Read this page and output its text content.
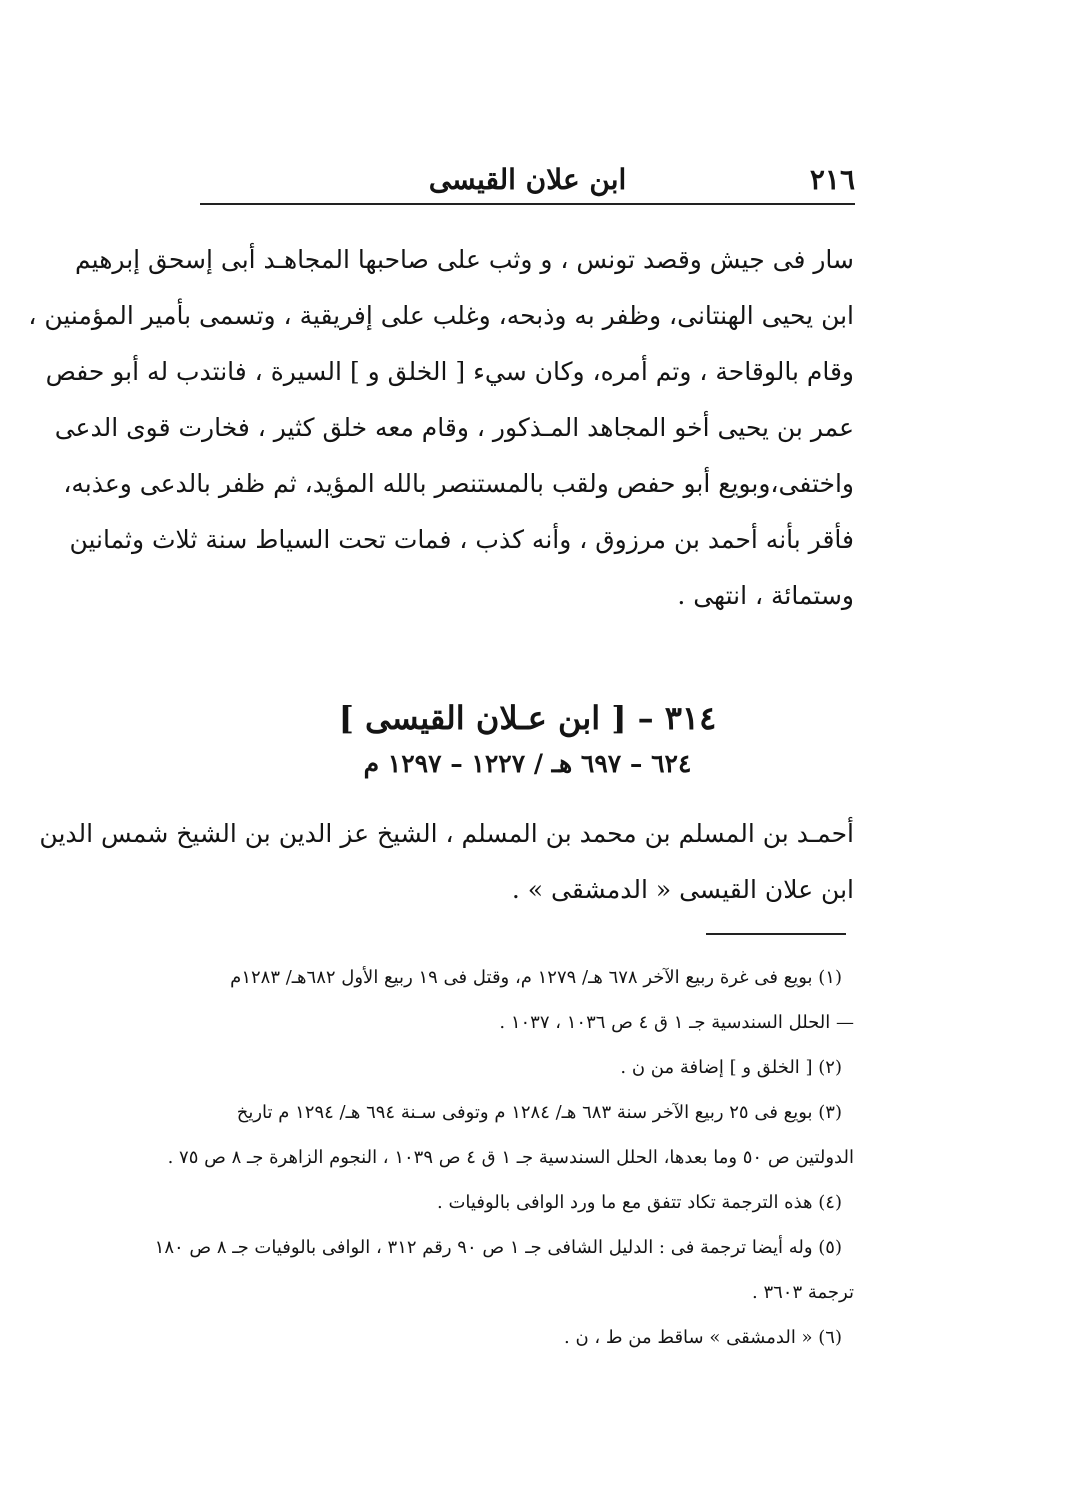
٢١٦
ابن علان القيسى
سار فى جيش وقصد تونس ، و وثب على صاحبها المجاهـد أبى إسحق إبرهيم
ابن يحيى الهنتانى، وظفر به وذبحه، وغلب على إفريقية ، وتسمى بأمير المؤمنين ،
وقام بالوقاحة ، وتم أمره، وكان سيء [ الخلق و ] السيرة ، فانتدب له أبو حفص
عمر بن يحيى أخو المجاهد المـذكور ، وقام معه خلق كثير ، فخارت قوى الدعى
واختفى،وبويع أبو حفص ولقب بالمستنصر بالله المؤيد، ثم ظفر بالدعى وعذبه،
فأقر بأنه أحمد بن مرزوق ، وأنه كذب ، فمات تحت السياط سنة ثلاث وثمانين
وستمائة ، انتهى .
٣١٤ – [ ابن عـلان القيسى ]
٦٢٤ – ٦٩٧ هـ / ١٢٢٧ – ١٢٩٧ م
أحمـد بن المسلم بن محمد بن المسلم ، الشيخ عز الدين بن الشيخ شمس الدين
ابن علان القيسى « الدمشقى » .
(١) بويع فى غرة ربيع الآخر ٦٧٨ هـ/ ١٢٧٩ م، وقتل فى ١٩ ربيع الأول ٦٨٢هـ/ ١٢٨٣م
— الحلل السندسية جـ ١ ق ٤ ص ١٠٣٦ ، ١٠٣٧ .
(٢) [ الخلق و ] إضافة من ن .
(٣) بويع فى ٢٥ ربيع الآخر سنة ٦٨٣ هـ/ ١٢٨٤ م وتوفى سـنة ٦٩٤ هـ/ ١٢٩٤ م تاريخ
الدولتين ص ٥٠ وما بعدها، الحلل السندسية جـ ١ ق ٤ ص ١٠٣٩ ، النجوم الزاهرة جـ ٨ ص ٧٥ .
(٤) هذه الترجمة تكاد تتفق مع ما ورد الوافى بالوفيات .
(٥) وله أيضا ترجمة فى : الدليل الشافى جـ ١ ص ٩٠ رقم ٣١٢ ، الوافى بالوفيات جـ ٨ ص ١٨٠
ترجمة ٣٦٠٣ .
(٦) « الدمشقى » ساقط من ط ، ن .
